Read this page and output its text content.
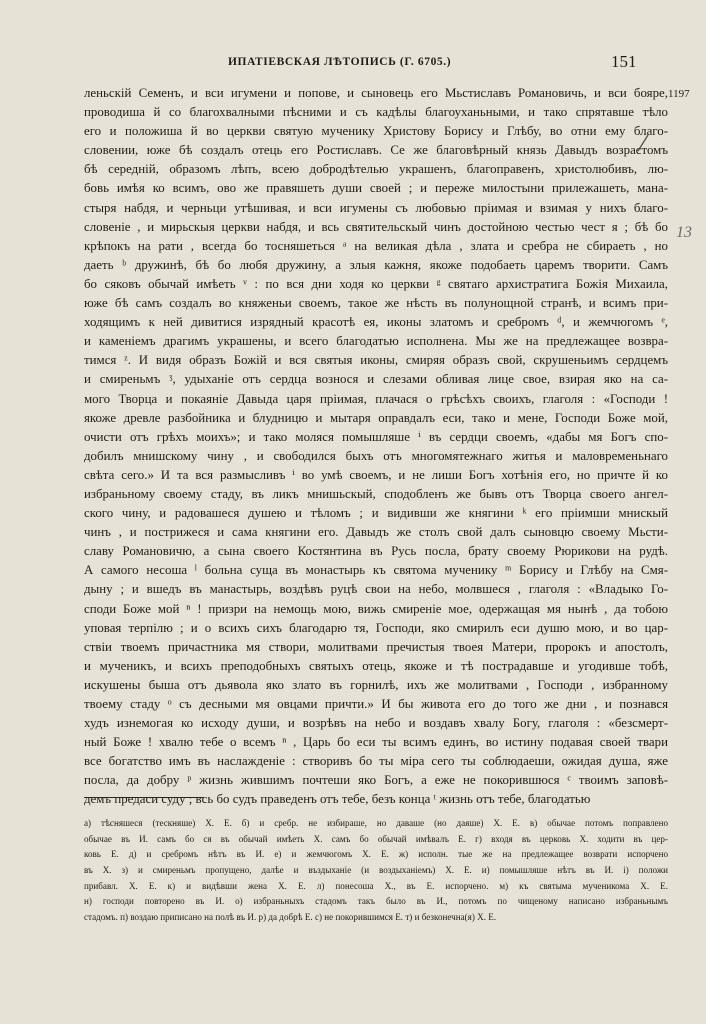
ИПАТІЕВСКАЯ ЛѢТОПИСЬ (Г. 6705.)	151
1197
13
леньскій Семенъ, и вси игумени и попове, и сыновець его Мьстиславъ Романовичь, и вси бояре,
проводиша й со благохвалными пѣсними и съ кадѣлы благоуханьными, и тако спрятавше тѣло
его и положиша й во церкви святую мученику Христову Борису и Глѣбу, во отни ему благо-
словении, юже бѣ создалъ отець его Ростиславъ. Се же благовѣрный князь Давыдъ возрастомъ
бѣ середній, образомъ лѣпъ, всею добродѣтелью украшенъ, благоправенъ, христолюбивъ, лю-
бовь имѣя ко всимъ, ово же правяшеть души своей ; и переже милостыни прилежашеть, мана-
стыря набдя, и черньци утѣшивая, и вси игумены съ любовью пріимая и взимая у нихъ благо-
словеніе , и мирьскыя церкви набдя, и всь святительскый чинъ достойною честью чест я ; бѣ бо
крѣпокъ на рати , всегда бо тосняшеться ᵃ на великая дѣла , злата и сребра не сбираеть , но
даеть ᵇ дружинѣ, бѣ бо любя дружину, а злыя кажня, якоже подобаеть царемъ творити. Самъ
бо сяковъ обычай имѣеть ᵛ : по вся дни ходя ко церкви ᵍ святаго архистратига Божія Михаила,
юже бѣ самъ создалъ во княженьи своемъ, такое же нѣсть въ полунощной странѣ, и всимъ при-
ходящимъ к ней дивитися изрядный красотѣ ея, иконы златомъ и сребромъ ᵈ, и жемчюгомъ ᵉ,
и каменіемъ драгимъ украшены, и всего благодатью исполнена. Мы же на предлежащее возвра-
тимся ᶻ. И видя образъ Божій и вся святыя иконы, смиряя образъ свой, скрушеньимъ сердцемъ
и смиреньмъ ᶾ, удыханіе отъ сердца вознося и слезами обливая лице свое, взирая яко на са-
мого Творца и покаяніе Давыда царя пріимая, плачася о грѣсѣхъ своихъ, глаголя : «Господи !
якоже древле разбойника и блудницю и мытаря оправдалъ еси, тако и мене, Господи Боже мой,
очисти отъ грѣхъ моихъ»; и тако моляся помышляше ⁱ въ сердци своемъ, «дабы мя Богъ спо-
добилъ мнишскому чину , и свободился быхъ отъ многомятежнаго житья и маловременьнаго
свѣта сего.» И та вся размысливъ ⁱ во умѣ своемъ, и не лиши Богъ хотѣнія его, но причте й ко
избраньному своему стаду, въ ликъ мнишьскый, сподобленъ же бывъ отъ Творца своего ангел-
ского чину, и радовашеся душею и тѣломъ ; и видивши же княгини ᵏ его пріимши мнискый
чинъ , и пострижеся и сама княгини его. Давыдъ же столъ свой далъ сыновцю своему Мьсти-
славу Романовичю, а сына своего Костянтина въ Русь посла, брату своему Рюрикови на рудѣ.
А самого несоша ˡ больна суща въ монастырь къ святома мученику ᵐ Борису и Глѣбу на Смя-
дыну ; и вшедъ въ манастырь, воздѣвъ руцѣ свои на небо, молвшеся , глаголя : «Владыко Го-
споди Боже мой ⁿ ! призри на немощь мою, вижь смиреніе мое, одержащая мя нынѣ , да тобою
уповая терпілю ; и о всихъ сихъ благодарю тя, Господи, яко смирилъ еси душю мою, и во цар-
ствіи твоемъ причастника мя створи, молитвами пречистыя твоея Матери, пророкъ и апостолъ,
и мученикъ, и всихъ преподобныхъ святыхъ отець, якоже и тѣ пострадавше и угодивше тобѣ,
искушены быша отъ дьявола яко злато въ горнилѣ, ихъ же молитвами , Господи , избранному
твоему стаду ᵒ съ десными мя овцами причти.» И бы живота его до того же дни , и познався
худъ изнемогая ко исходу души, и возрѣвъ на небо и воздавъ хвалу Богу, глаголя : «безсмерт-
ный Боже ! хвалю тебе о всемъ ⁿ , Царь бо еси ты всимъ единъ, во истину подавая своей твари
все богатство имъ въ наслажденіе : створивъ бо ты міра сего ты соблюдаеши, ожидая душа, яже
посла, да добру ᵖ жизнь жившимъ почтеши яко Богъ, а еже не покорившюся ᶜ твоимъ заповѣ-
демъ предаси суду ; вcь бо судъ праведенъ отъ тебе, безъ конца ᵗ жизнь отъ тебе, благодатью
а) тѣсняшеся (тескняше) Х. Е. б) и сребр. не избираше, но даваше (но даяше) Х. Е. в) обычае потомъ поправлено
обычае въ И. самъ бо ся въ обычай имѣеть Х. самъ бо обычай имѣвалъ Е. г) входя въ церковь Х. ходити въ цер-
ковь Е. д) и сребромъ нѣтъ въ И. е) и жемчюгомъ Х. Е. ж) исполн. тые же на предлежащее возврати испорчено
въ Х. з) и смиреньмъ пропущено, далѣе и въздыханіе (и воздыханіемъ) Х. Е. и) помышляше нѣтъ въ И. і) положи
прибавл. Х. Е. к) и видѣвши жена Х. Е. л) понесоша Х., въ Е. испорчено. м) къ святыма мученикома Х. Е.
н) господи повторено въ И. о) избраньныхъ стадомъ такъ было въ И., потомъ по чищеному написано избраньнымъ
стадомъ. п) воздаю приписано на полѣ въ И. р) да добрѣ Е. с) не покорившимся Е. т) и безконечна(я) Х. Е.
